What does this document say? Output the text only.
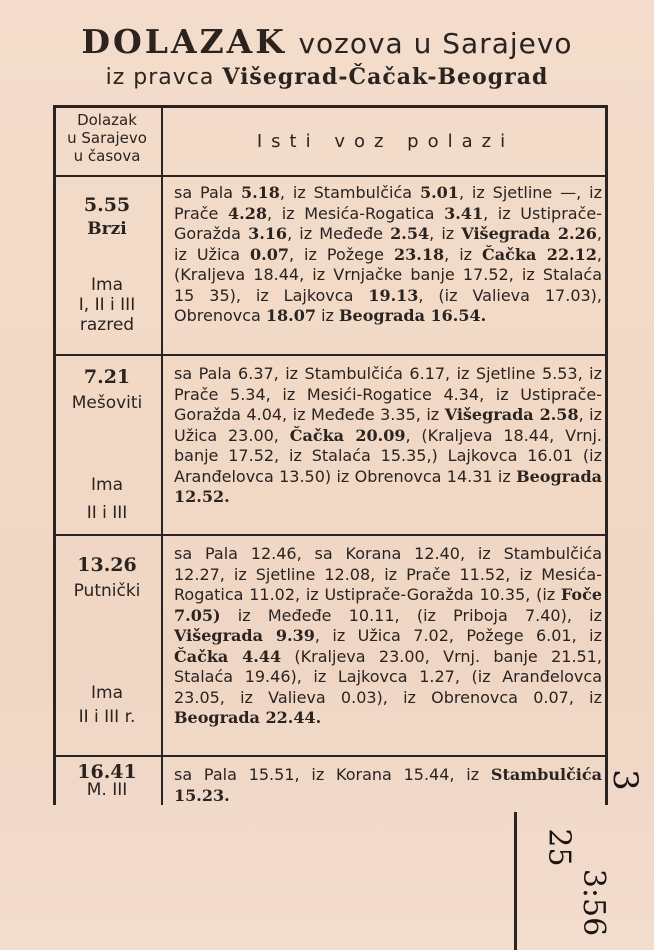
DOLAZAK vozova u Sarajevo
iz pravca Višegrad-Čačak-Beograd
Dolazak
u Sarajevo
u časova
Isti voz polazi
5.55
Brzi
Ima
I, II i III
razred

sa Pala 5.18, iz Stambulčića 5.01, iz Sjetline —, iz Prače 4.28, iz Mesića-Rogatica 3.41, iz Ustiprače-Goražda 3.16, iz Međeđe 2.54, iz Višegrada 2.26, iz Užica 0.07, iz Požege 23.18, iz Čačka 22.12, (Kraljeva 18.44, iz Vrnjačke banje 17.52, iz Stalaća 15 35), iz Lajkovca 19.13, (iz Valieva 17.03), Obrenovca 18.07 iz Beograda 16.54.

7.21
Mešoviti
Ima
II i III

sa Pala 6.37, iz Stambulčića 6.17, iz Sjetline 5.53, iz Prače 5.34, iz Mesići-Rogatice 4.34, iz Ustiprače-Goražda 4.04, iz Međeđe 3.35, iz Višegrada 2.58, iz Užica 23.00, Čačka 20.09, (Kraljeva 18.44, Vrnj. banje 17.52, iz Stalaća 15.35,) Lajkovca 16.01 (iz Aranđelovca 13.50) iz Obrenovca 14.31 iz Beograda 12.52.

13.26
Putnički
Ima
II i III r.

sa Pala 12.46, sa Korana 12.40, iz Stambulčića 12.27, iz Sjetline 12.08, iz Prače 11.52, iz Mesića-Rogatica 11.02, iz Ustiprače-Goražda 10.35, (iz Foče 7.05) iz Međeđe 10.11, (iz Priboja 7.40), iz Višegrada 9.39, iz Užica 7.02, Požege 6.01, iz Čačka 4.44 (Kraljeva 23.00, Vrnj. banje 21.51, Stalaća 19.46), iz Lajkovca 1.27, (iz Aranđelovca 23.05, iz Valieva 0.03), iz Obrenovca 0.07, iz Beograda 22.44.

16.41
M. III

sa Pala 15.51, iz Korana 15.44, iz Stambulčića 15.23.

3
25
3:56
